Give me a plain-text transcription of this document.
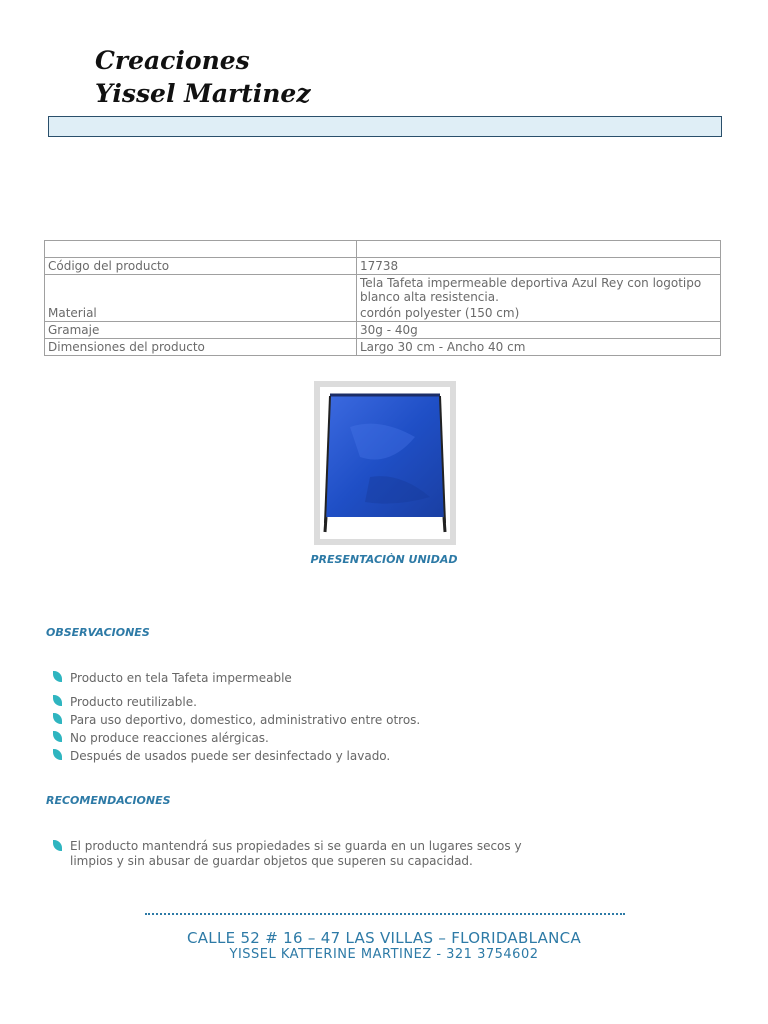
Creaciones
Yissel Martinez

Código del producto	17738
Material	Tela Tafeta impermeable deportiva Azul Rey con logotipo blanco alta resistencia.
cordón polyester (150 cm)

Gramaje	30g - 40g
Dimensiones del producto	Largo 30 cm - Ancho 40 cm
PRESENTACIÒN UNIDAD
OBSERVACIONES
Producto en tela Tafeta impermeable
Producto reutilizable.
Para uso deportivo, domestico, administrativo entre otros.
No produce reacciones alérgicas.
Después de usados puede ser desinfectado y lavado.
RECOMENDACIONES
El producto mantendrá sus propiedades si se guarda en un lugares secos y limpios y sin abusar de guardar objetos que superen su capacidad.
CALLE 52 # 16 – 47 LAS VILLAS – FLORIDABLANCA
YISSEL KATTERINE MARTINEZ - 321 3754602
